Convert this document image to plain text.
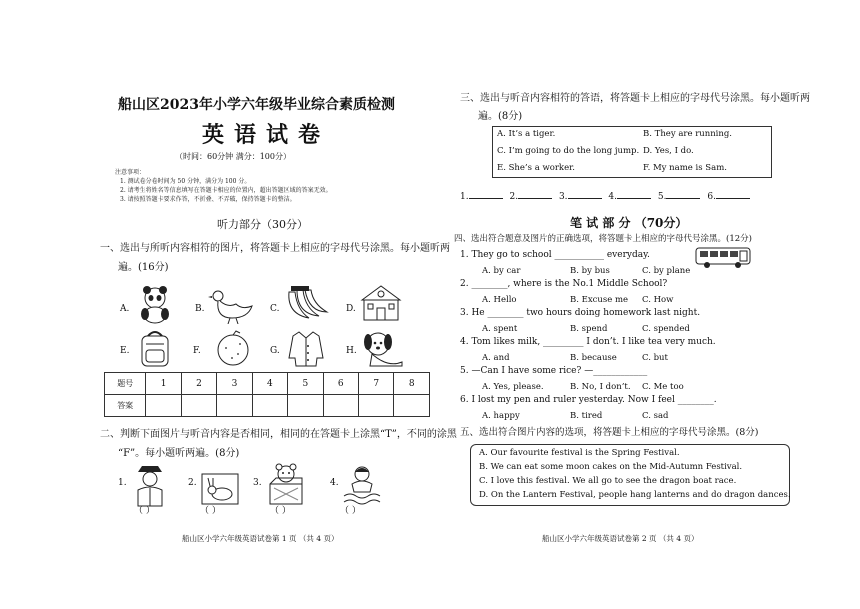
船山区2023年小学六年级毕业综合素质检测
英语试卷
（时间：60分钟 满分：100分）
注意事项：
1. 测试卷分卷时间为 50 分钟，满分为 100 分。
2. 请考生将姓名等信息填写在答题卡相应的位置内，超出答题区域的答案无效。
3. 请按照答题卡要求作答，不折叠、不弄破，保持答题卡的整洁。
听力部分（30分）
一、选出与所听内容相符的图片，将答题卡上相应的字母代号涂黑。每小题听两
遍。(16分)
A.	B.	C.	D.
E.	F.	G.	H.
题号	1	2	3	4	5	6	7	8
答案								
二、判断下面图片与听音内容是否相同，相同的在答题卡上涂黑“T”，不同的涂黑
“F”。每小题听两遍。(8分)
1.	2.	3.	4.
（ ）	（ ）	（ ）	（ ）
船山区小学六年级英语试卷第 1 页 （共 4 页）
三、选出与听音内容相符的答语，将答题卡上相应的字母代号涂黑。每小题听两
遍。(8分)
A. It’s a tiger.	B. They are running.
C. I’m going to do the long jump. D. Yes, I do.
E. She’s a worker.	F. My name is Sam.
1.	2.	3.	4.	5.	6.
笔 试 部 分 （70分）
四、选出符合题意及图片的正确选项，将答题卡上相应的字母代号涂黑。(12分)
1. They go to school ___________ everyday.
A. by car	B. by bus	C. by plane
2. ________, where is the No.1 Middle School?
A. Hello	B. Excuse me C. How
3. He ________ two hours doing homework last night.
A. spent	B. spend	C. spended
4. Tom likes milk, _________ I don’t. I like tea very much.
A. and	B. because	C. but
5. —Can I have some rice? —____________
A. Yes, please.	B. No, I don’t. C. Me too
6. I lost my pen and ruler yesterday. Now I feel ________.
A. happy	B. tired	C. sad
五、选出符合图片内容的选项，将答题卡上相应的字母代号涂黑。(8分)
A. Our favourite festival is the Spring Festival.
B. We can eat some moon cakes on the Mid-Autumn Festival.
C. I love this festival. We all go to see the dragon boat race.
D. On the Lantern Festival, people hang lanterns and do dragon dances.
船山区小学六年级英语试卷第 2 页 （共 4 页）
